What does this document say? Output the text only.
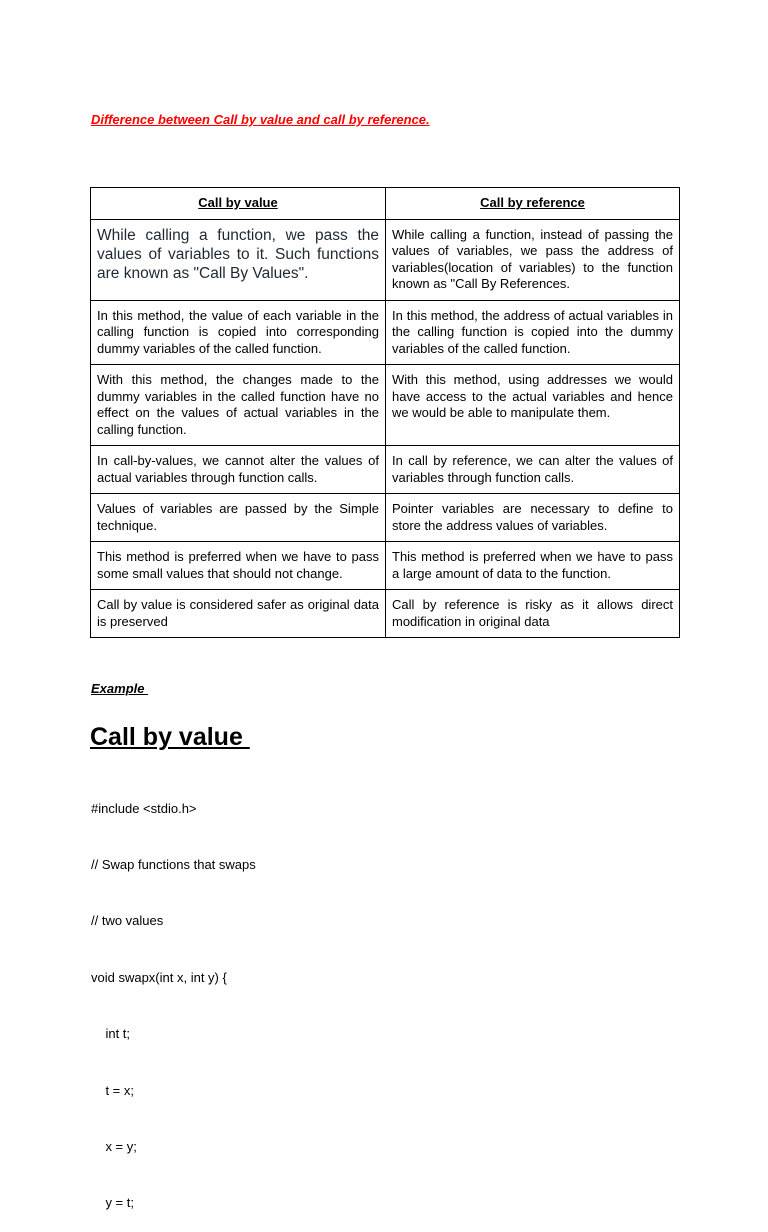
Difference between Call by value and call by reference.
Call by value	Call by reference
While calling a function, we pass the values of variables to it. Such functions are known as "Call By Values".	While calling a function, instead of passing the values of variables, we pass the address of variables(location of variables) to the function known as "Call By References.
In this method, the value of each variable in the calling function is copied into corresponding dummy variables of the called function.	In this method, the address of actual variables in the calling function is copied into the dummy variables of the called function.
With this method, the changes made to the dummy variables in the called function have no effect on the values of actual variables in the calling function.	With this method, using addresses we would have access to the actual variables and hence we would be able to manipulate them.
In call-by-values, we cannot alter the values of actual variables through function calls.	In call by reference, we can alter the values of variables through function calls.
Values of variables are passed by the Simple technique.	Pointer variables are necessary to define to store the address values of variables.
This method is preferred when we have to pass some small values that should not change.	This method is preferred when we have to pass a large amount of data to the function.
Call by value is considered safer as original data is preserved	Call by reference is risky as it allows direct modification in original data
Example
Call by value

#include <stdio.h>

// Swap functions that swaps

// two values

void swapx(int x, int y) {

int t;

t = x;

x = y;

y = t;
